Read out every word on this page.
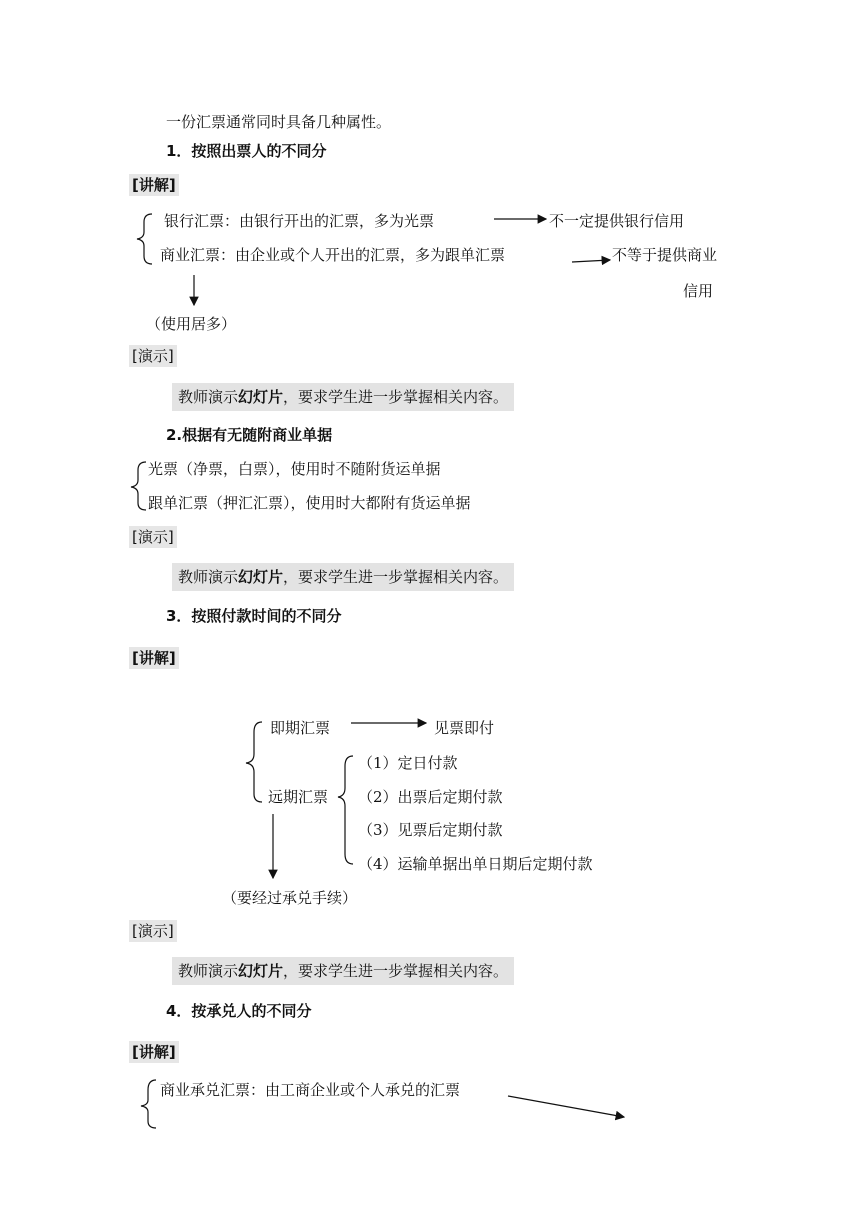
一份汇票通常同时具备几种属性。
1．按照出票人的不同分
[讲解]
银行汇票：由银行开出的汇票，多为光票	不一定提供银行信用
商业汇票：由企业或个人开出的汇票，多为跟单汇票	不等于提供商业
信用
（使用居多）
[演示]
教师演示幻灯片，要求学生进一步掌握相关内容。
2.根据有无随附商业单据
光票（净票，白票），使用时不随附货运单据
跟单汇票（押汇汇票），使用时大都附有货运单据
[演示]
教师演示幻灯片，要求学生进一步掌握相关内容。
3．按照付款时间的不同分
[讲解]
即期汇票	见票即付
远期汇票
（1）定日付款
（2）出票后定期付款
（3）见票后定期付款
（4）运输单据出单日期后定期付款
（要经过承兑手续）
[演示]
教师演示幻灯片，要求学生进一步掌握相关内容。
4．按承兑人的不同分
[讲解]
商业承兑汇票：由工商企业或个人承兑的汇票
